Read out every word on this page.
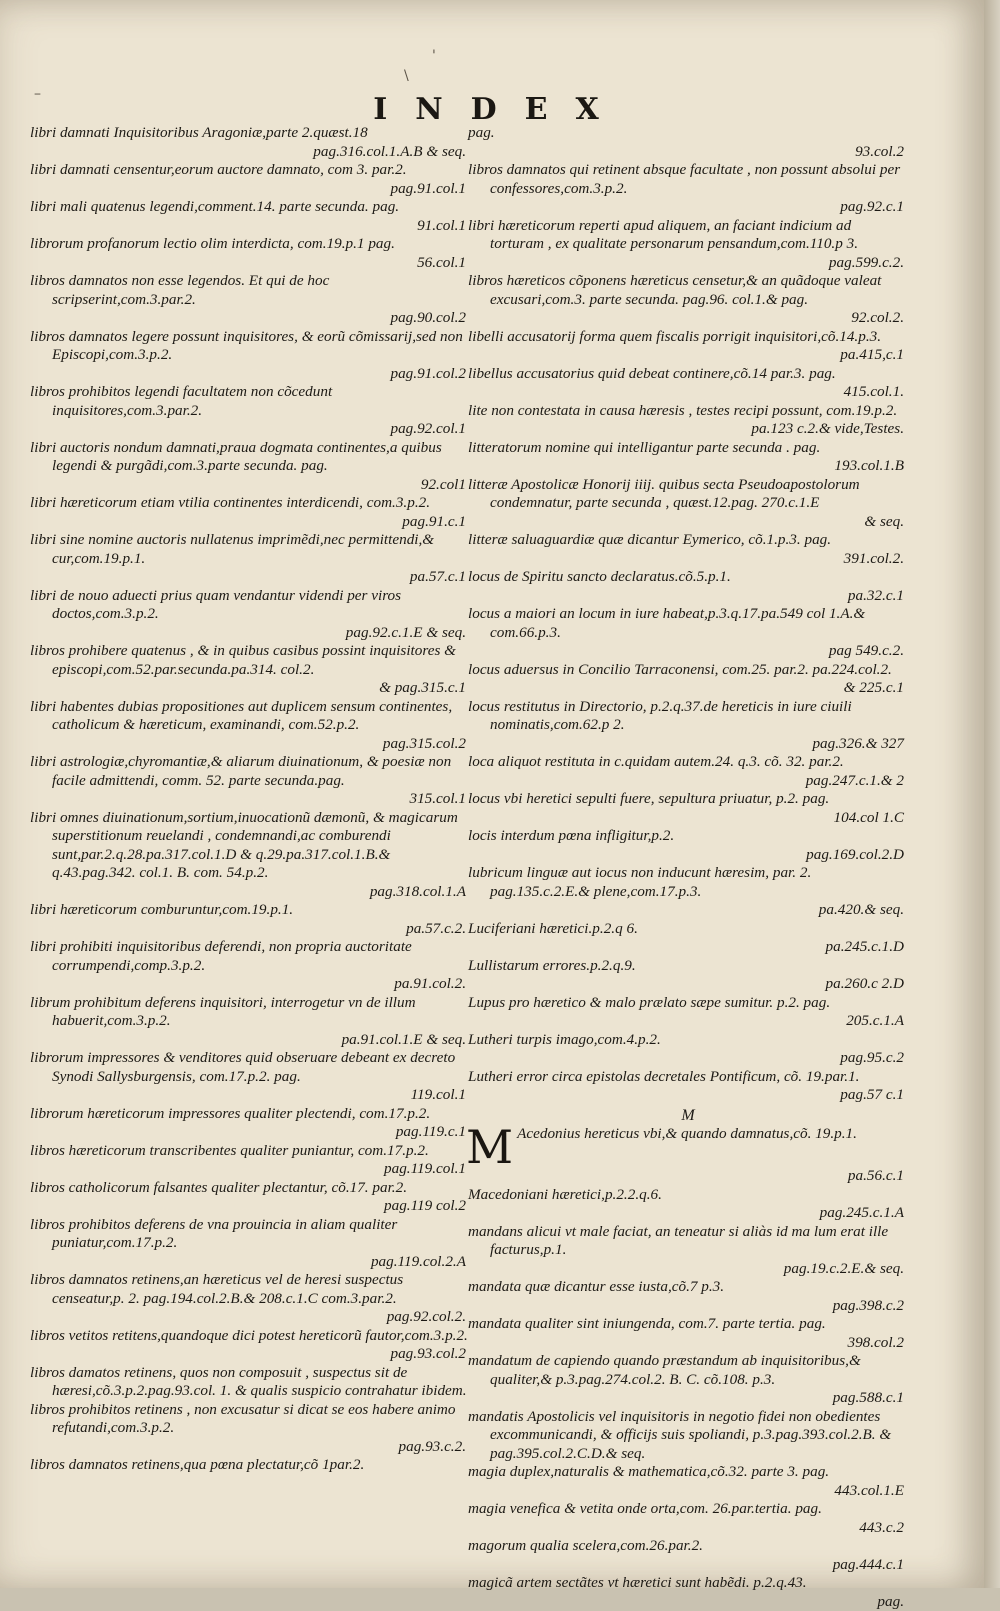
–
\
'
INDEX
libri damnati Inquisitoribus Aragoniæ,parte 2.quæst.18
pag.316.col.1.A.B & seq.
libri damnati censentur,eorum auctore damnato, com 3. par.2.
pag.91.col.1
libri mali quatenus legendi,comment.14. parte secunda. pag.
91.col.1
librorum profanorum lectio olim interdicta, com.19.p.1 pag.
56.col.1
libros damnatos non esse legendos. Et qui de hoc scripserint,com.3.par.2.
pag.90.col.2
libros damnatos legere possunt inquisitores, & eorũ cõmissarij,sed non Episcopi,com.3.p.2.
pag.91.col.2
libros prohibitos legendi facultatem non cõcedunt inquisitores,com.3.par.2.
pag.92.col.1
libri auctoris nondum damnati,praua dogmata continentes,a quibus legendi & purgãdi,com.3.parte secunda. pag.
92.col1
libri hæreticorum etiam vtilia continentes interdicendi, com.3.p.2.
pag.91.c.1
libri sine nomine auctoris nullatenus imprimẽdi,nec permittendi,& cur,com.19.p.1.
pa.57.c.1
libri de nouo aduecti prius quam vendantur videndi per viros doctos,com.3.p.2.
pag.92.c.1.E & seq.
libros prohibere quatenus , & in quibus casibus possint inquisitores & episcopi,com.52.par.secunda.pa.314. col.2.
& pag.315.c.1
libri habentes dubias propositiones aut duplicem sensum continentes, catholicum & hæreticum, examinandi, com.52.p.2.
pag.315.col.2
libri astrologiæ,chyromantiæ,& aliarum diuinationum, & poesiæ non facile admittendi, comm. 52. parte secunda.pag.
315.col.1
libri omnes diuinationum,sortium,inuocationũ dæmonũ, & magicarum superstitionum reuelandi , condemnandi,ac comburendi sunt,par.2.q.28.pa.317.col.1.D & q.29.pa.317.col.1.B.& q.43.pag.342. col.1. B. com. 54.p.2.
pag.318.col.1.A
libri hæreticorum comburuntur,com.19.p.1.
pa.57.c.2.
libri prohibiti inquisitoribus deferendi, non propria auctoritate corrumpendi,comp.3.p.2.
pa.91.col.2.
librum prohibitum deferens inquisitori, interrogetur vn de illum habuerit,com.3.p.2.
pa.91.col.1.E & seq.
librorum impressores & venditores quid obseruare debeant ex decreto Synodi Sallysburgensis, com.17.p.2. pag.
119.col.1
librorum hæreticorum impressores qualiter plectendi, com.17.p.2.
pag.119.c.1
libros hæreticorum transcribentes qualiter puniantur, com.17.p.2.
pag.119.col.1
libros catholicorum falsantes qualiter plectantur, cõ.17. par.2.
pag.119 col.2
libros prohibitos deferens de vna prouincia in aliam qualiter puniatur,com.17.p.2.
pag.119.col.2.A
libros damnatos retinens,an hæreticus vel de heresi suspectus censeatur,p. 2. pag.194.col.2.B.& 208.c.1.C com.3.par.2.
pag.92.col.2.
libros vetitos retitens,quandoque dici potest hereticorũ fautor,com.3.p.2.
pag.93.col.2
libros damatos retinens, quos non composuit , suspectus sit de hæresi,cõ.3.p.2.pag.93.col. 1. & qualis suspicio contrahatur ibidem.
libros prohibitos retinens , non excusatur si dicat se eos habere animo refutandi,com.3.p.2.
pag.93.c.2.
libros damnatos retinens,qua pœna plectatur,cõ 1par.2.
pag.
93.col.2
libros damnatos qui retinent absque facultate , non possunt absolui per confessores,com.3.p.2.
pag.92.c.1
libri hæreticorum reperti apud aliquem, an faciant indicium ad torturam , ex qualitate personarum pensandum,com.110.p 3.
pag.599.c.2.
libros hæreticos cõponens hæreticus censetur,& an quãdoque valeat excusari,com.3. parte secunda. pag.96. col.1.& pag.
92.col.2.
libelli accusatorij forma quem fiscalis porrigit inquisitori,cõ.14.p.3.
pa.415,c.1
libellus accusatorius quid debeat continere,cõ.14 par.3. pag.
415.col.1.
lite non contestata in causa hæresis , testes recipi possunt, com.19.p.2.
pa.123 c.2.& vide,Testes.
litteratorum nomine qui intelligantur parte secunda . pag.
193.col.1.B
litteræ Apostolicæ Honorij iiij. quibus secta Pseudoapostolorum condemnatur, parte secunda , quæst.12.pag. 270.c.1.E
& seq.
litteræ saluaguardiæ quæ dicantur Eymerico, cõ.1.p.3. pag.
391.col.2.
locus de Spiritu sancto declaratus.cõ.5.p.1.
pa.32.c.1
locus a maiori an locum in iure habeat,p.3.q.17.pa.549 col 1.A.& com.66.p.3.
pag 549.c.2.
locus aduersus in Concilio Tarraconensi, com.25. par.2. pa.224.col.2.
& 225.c.1
locus restitutus in Directorio, p.2.q.37.de hereticis in iure ciuili nominatis,com.62.p 2.
pag.326.& 327
loca aliquot restituta in c.quidam autem.24. q.3. cõ. 32. par.2.
pag.247.c.1.& 2
locus vbi heretici sepulti fuere, sepultura priuatur, p.2. pag.
104.col 1.C
locis interdum pœna infligitur,p.2.
pag.169.col.2.D
lubricum linguæ aut iocus non inducunt hæresim, par. 2. pag.135.c.2.E.& plene,com.17.p.3.
pa.420.& seq.
Luciferiani hæretici.p.2.q 6.
pa.245.c.1.D
Lullistarum errores.p.2.q.9.
pa.260.c 2.D
Lupus pro hæretico & malo prælato sæpe sumitur. p.2. pag.
205.c.1.A
Lutheri turpis imago,com.4.p.2.
pag.95.c.2
Lutheri error circa epistolas decretales Pontificum, cõ. 19.par.1.
pag.57 c.1
M
M Acedonius hereticus vbi,& quando damnatus,cõ. 19.p.1.
pa.56.c.1
Macedoniani hæretici,p.2.2.q.6.
pag.245.c.1.A
mandans alicui vt male faciat, an teneatur si aliàs id ma lum erat ille facturus,p.1.
pag.19.c.2.E.& seq.
mandata quæ dicantur esse iusta,cõ.7 p.3.
pag.398.c.2
mandata qualiter sint iniungenda, com.7. parte tertia. pag.
398.col.2
mandatum de capiendo quando præstandum ab inquisitoribus,& qualiter,& p.3.pag.274.col.2. B. C. cõ.108. p.3.
pag.588.c.1
mandatis Apostolicis vel inquisitoris in negotio fidei non obedientes excommunicandi, & officijs suis spoliandi, p.3.pag.393.col.2.B. & pag.395.col.2.C.D.& seq.
magia duplex,naturalis & mathematica,cõ.32. parte 3. pag.
443.col.1.E
magia venefica & vetita onde orta,com. 26.par.tertia. pag.
443.c.2
magorum qualia scelera,com.26.par.2.
pag.444.c.1
magicã artem sectãtes vt hæretici sunt habẽdi. p.2.q.43.
pag.
